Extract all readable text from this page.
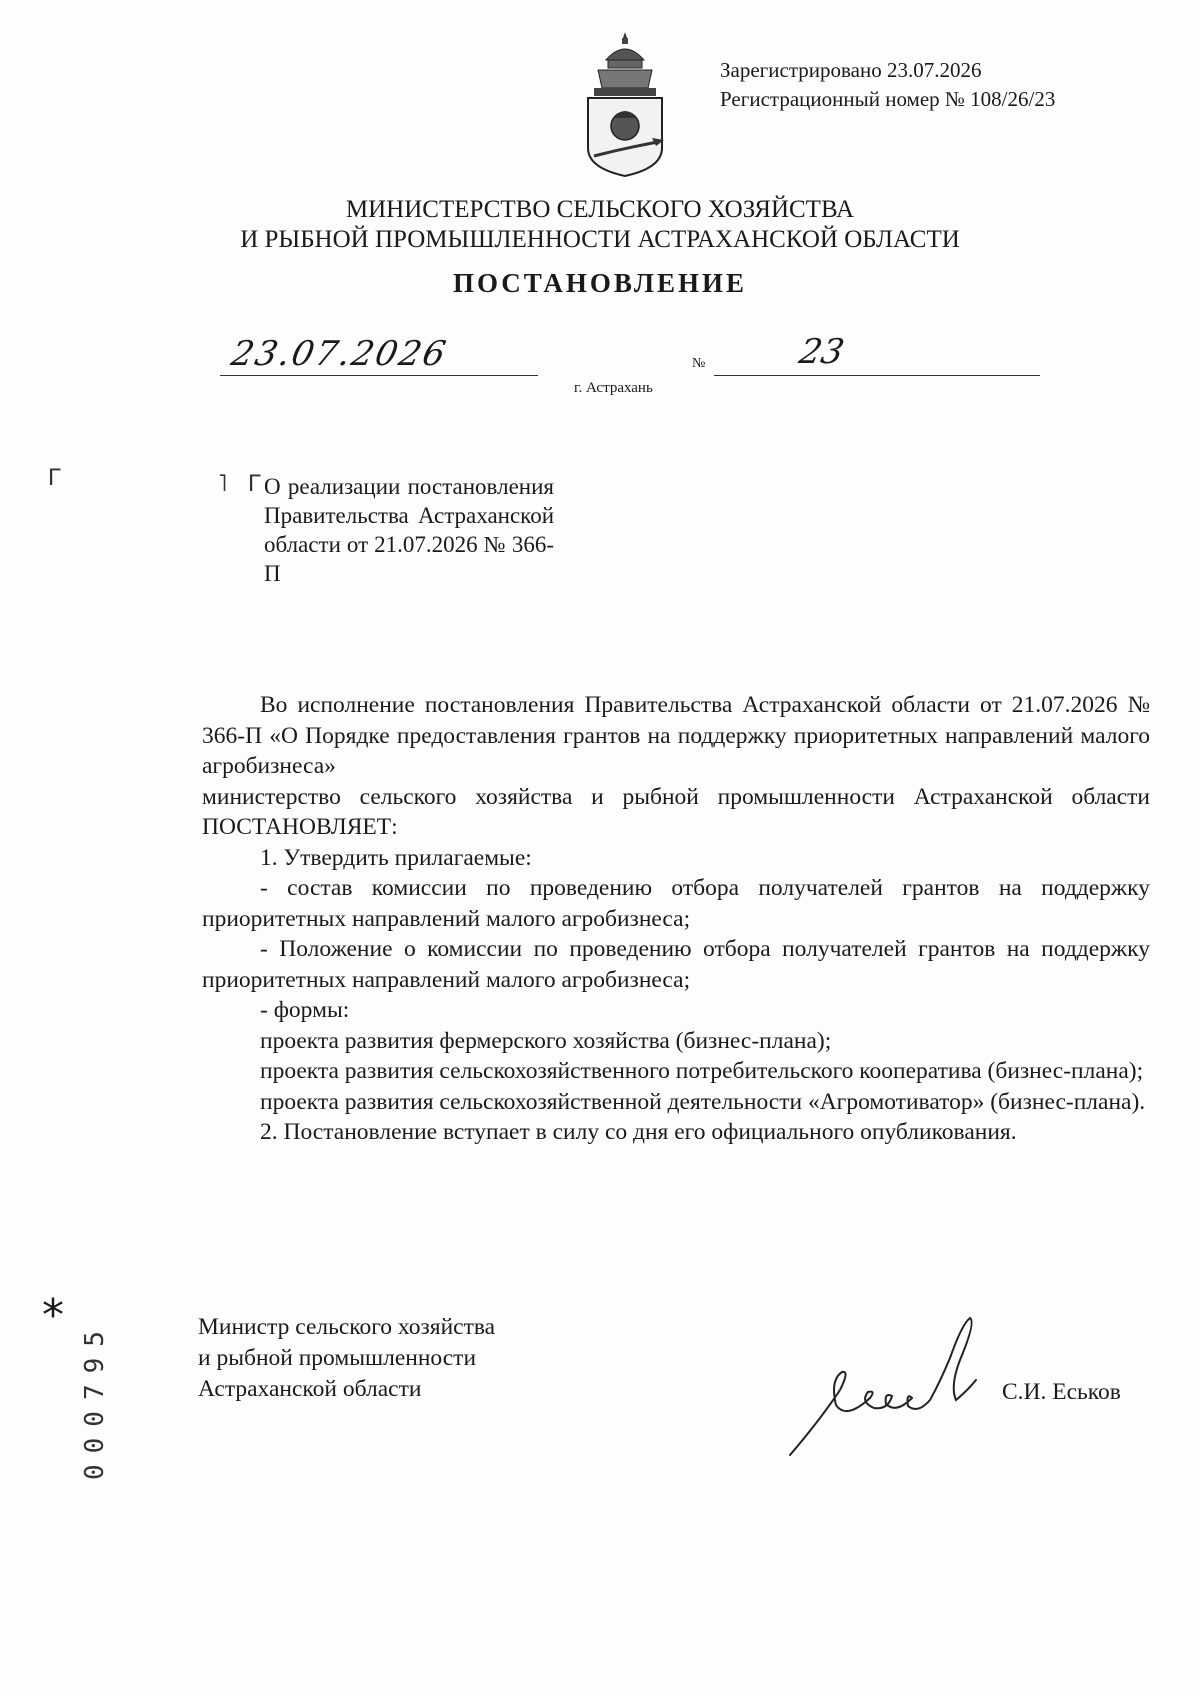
Зарегистрировано 23.07.2026
Регистрационный номер № 108/26/23
МИНИСТЕРСТВО СЕЛЬСКОГО ХОЗЯЙСТВА
И РЫБНОЙ ПРОМЫШЛЕННОСТИ АСТРАХАНСКОЙ ОБЛАСТИ
ПОСТАНОВЛЕНИЕ
23.07.2026	№	23
г. Астрахань
Г	˥ Г О реализации постановления Правительства Астраханской области от 21.07.2026 № 366-П

Во исполнение постановления Правительства Астраханской области от 21.07.2026 № 366-П «О Порядке предоставления грантов на поддержку приоритетных направлений малого агробизнеса»

министерство сельского хозяйства и рыбной промышленности Астраханской области ПОСТАНОВЛЯЕТ:

1. Утвердить прилагаемые:

- состав комиссии по проведению отбора получателей грантов на поддержку приоритетных направлений малого агробизнеса;

- Положение о комиссии по проведению отбора получателей грантов на поддержку приоритетных направлений малого агробизнеса;

- формы:

проекта развития фермерского хозяйства (бизнес-плана);

проекта развития сельскохозяйственного потребительского кооператива (бизнес-плана);

проекта развития сельскохозяйственной деятельности «Агромотиватор» (бизнес-плана).

2. Постановление вступает в силу со дня его официального опубликования.

Министр сельского хозяйства
и рыбной промышленности
Астраханской области	С.И. Еськов
*
000795
